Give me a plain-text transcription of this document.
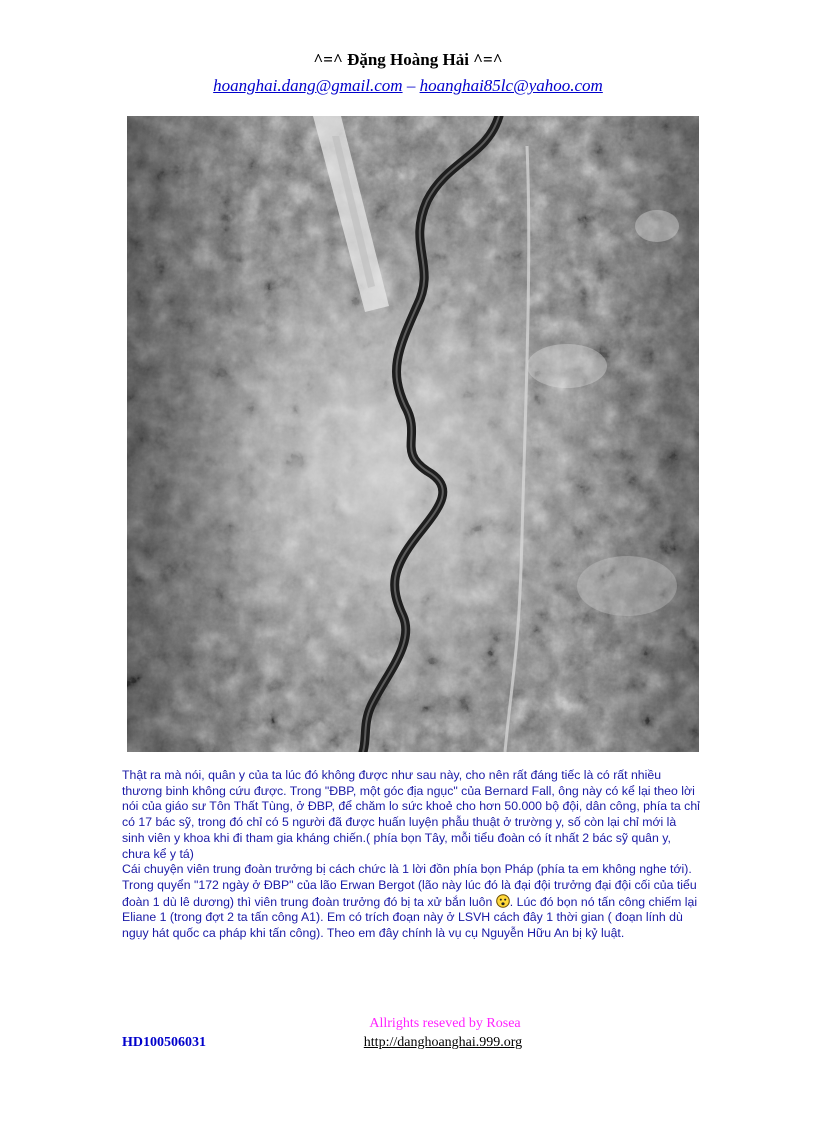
^=^ Đặng Hoàng Hải ^=^
hoanghai.dang@gmail.com – hoanghai85lc@yahoo.com

Thật ra mà nói, quân y của ta lúc đó không được như sau này, cho nên rất đáng tiếc là có rất nhiều thương binh không cứu được. Trong "ĐBP, một góc địa ngục" của Bernard Fall, ông này có kể lại theo lời nói của giáo sư Tôn Thất Tùng, ở ĐBP, để chăm lo sức khoẻ cho hơn 50.000 bộ đội, dân công, phía ta chỉ có 17 bác sỹ, trong đó chỉ có 5 người đã được huấn luyện phẫu thuật ở trường y, số còn lại chỉ mới là sinh viên y khoa khi đi tham gia kháng chiến.( phía bọn Tây, mỗi tiểu đoàn có ít nhất 2 bác sỹ quân y, chưa kể y tá)

Cái chuyện viên trung đoàn trưởng bị cách chức là 1 lời đồn phía bọn Pháp (phía ta em không nghe tới). Trong quyển "172 ngày ở ĐBP" của lão Erwan Bergot (lão này lúc đó là đại đội trưởng đại đội cối của tiểu đoàn 1 dù lê dương) thì viên trung đoàn trưởng đó bị ta xử bắn luôn . Lúc đó bọn nó tấn công chiếm lại Eliane 1 (trong đợt 2 ta tấn công A1). Em có trích đoạn này ở LSVH cách đây 1 thời gian ( đoạn lính dù ngụy hát quốc ca pháp khi tấn công). Theo em đây chính là vụ cụ Nguyễn Hữu An bị kỷ luật.

Allrights reseved by Rosea
HD100506031	http://danghoanghai.999.org
